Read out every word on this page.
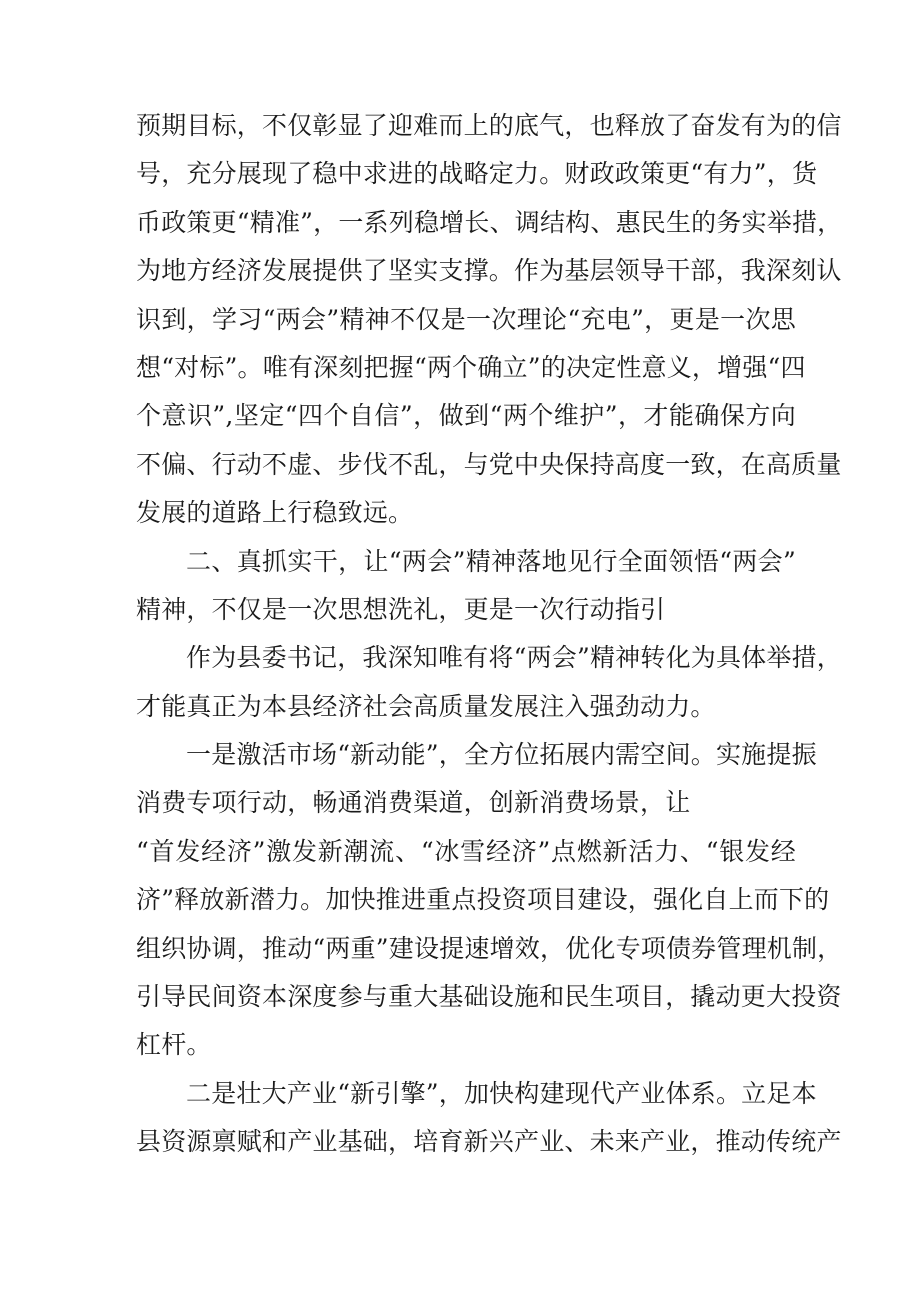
预期目标，不仅彰显了迎难而上的底气，也释放了奋发有为的信
号，充分展现了稳中求进的战略定力。财政政策更“有力”，货
币政策更“精准”，一系列稳增长、调结构、惠民生的务实举措，
为地方经济发展提供了坚实支撑。作为基层领导干部，我深刻认
识到，学习“两会”精神不仅是一次理论“充电”，更是一次思
想“对标”。唯有深刻把握“两个确立”的决定性意义，增强“四
个意识”,坚定“四个自信”，做到“两个维护”，才能确保方向
不偏、行动不虚、步伐不乱，与党中央保持高度一致，在高质量
发展的道路上行稳致远。
二、真抓实干，让“两会”精神落地见行全面领悟“两会”
精神，不仅是一次思想洗礼，更是一次行动指引
作为县委书记，我深知唯有将“两会”精神转化为具体举措，
才能真正为本县经济社会高质量发展注入强劲动力。
一是激活市场“新动能”，全方位拓展内需空间。实施提振
消费专项行动，畅通消费渠道，创新消费场景，让
“首发经济”激发新潮流、“冰雪经济”点燃新活力、“银发经
济”释放新潜力。加快推进重点投资项目建设，强化自上而下的
组织协调，推动“两重”建设提速增效，优化专项债券管理机制，
引导民间资本深度参与重大基础设施和民生项目，撬动更大投资
杠杆。
二是壮大产业“新引擎”，加快构建现代产业体系。立足本
县资源禀赋和产业基础，培育新兴产业、未来产业，推动传统产
